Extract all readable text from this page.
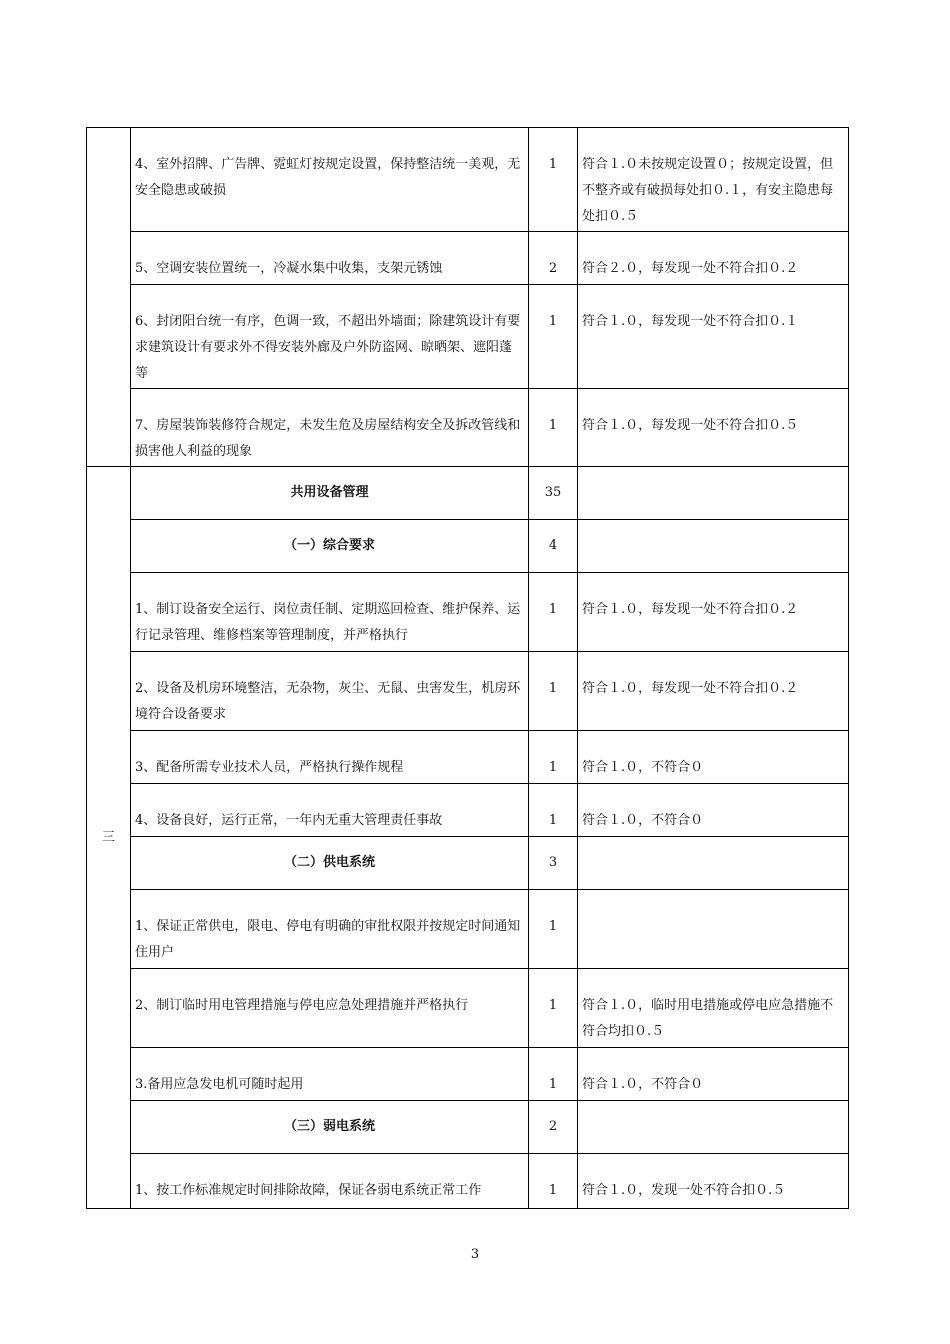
	4、室外招牌、广告牌、霓虹灯按规定设置，保持整洁统一美观，无安全隐患或破损	1	符合１.０未按规定设置０；按规定设置，但不整齐或有破损每处扣０.１，有安主隐患每处扣０.５
	5、空调安装位置统一，冷凝水集中收集，支架元锈蚀	2	符合２.０，每发现一处不符合扣０.２
	6、封闭阳台统一有序，色调一致，不超出外墙面；除建筑设计有要求建筑设计有要求外不得安装外廊及户外防盗网、晾晒架、遮阳蓬等	1	符合１.０，每发现一处不符合扣０.１
	7、房屋装饰装修符合规定，未发生危及房屋结构安全及拆改管线和损害他人利益的现象	1	符合１.０，每发现一处不符合扣０.５
三	共用设备管理	35	
	（一）综合要求	4	
	1、制订设备安全运行、岗位责任制、定期巡回检查、维护保养、运行记录管理、维修档案等管理制度，并严格执行	1	符合１.０，每发现一处不符合扣０.２
	2、设备及机房环境整洁，无杂物，灰尘、无鼠、虫害发生，机房环境符合设备要求	1	符合１.０，每发现一处不符合扣０.２
	3、配备所需专业技术人员，严格执行操作规程	1	符合１.０，不符合０
	4、设备良好，运行正常，一年内无重大管理责任事故	1	符合１.０，不符合０
	（二）供电系统	3	
	1、保证正常供电，限电、停电有明确的审批权限并按规定时间通知住用户	1	
	2、制订临时用电管理措施与停电应急处理措施并严格执行	1	符合１.０，临时用电措施或停电应急措施不符合均扣０.５
	3.备用应急发电机可随时起用	1	符合１.０，不符合０
	（三）弱电系统	2	
	1、按工作标准规定时间排除故障，保证各弱电系统正常工作	1	符合１.０，发现一处不符合扣０.５
3
